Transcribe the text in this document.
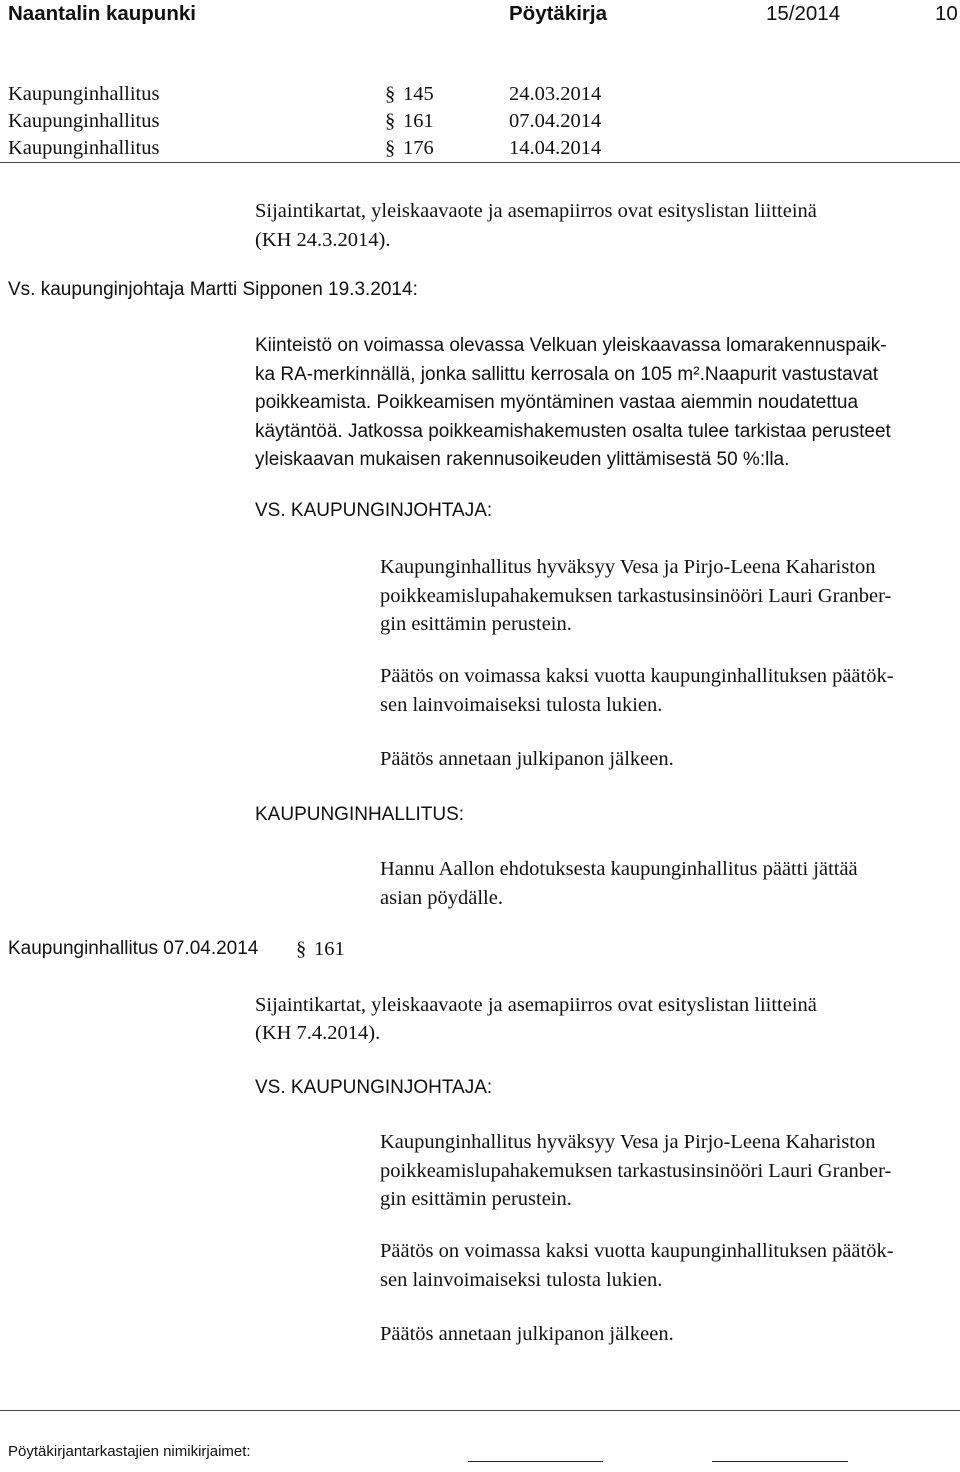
Naantalin kaupunki	Pöytäkirja	15/2014	10
Kaupunginhallitus	§ 145	24.03.2014
Kaupunginhallitus	§ 161	07.04.2014
Kaupunginhallitus	§ 176	14.04.2014
Sijaintikartat, yleiskaavaote ja asemapiirros ovat esityslistan liitteinä
(KH 24.3.2014).
Vs. kaupunginjohtaja Martti Sipponen 19.3.2014:
Kiinteistö on voimassa olevassa Velkuan yleiskaavassa lomarakennuspaik-
ka RA-merkinnällä, jonka sallittu kerrosala on 105 m².Naapurit vastustavat
poikkeamista. Poikkeamisen myöntäminen vastaa aiemmin noudatettua
käytäntöä. Jatkossa poikkeamishakemusten osalta tulee tarkistaa perusteet
yleiskaavan mukaisen rakennusoikeuden ylittämisestä 50 %:lla.
VS. KAUPUNGINJOHTAJA:
Kaupunginhallitus hyväksyy Vesa ja Pirjo-Leena Kahariston
poikkeamislupahakemuksen tarkastusinsinööri Lauri Granber-
gin esittämin perustein.
Päätös on voimassa kaksi vuotta kaupunginhallituksen päätök-
sen lainvoimaiseksi tulosta lukien.
Päätös annetaan julkipanon jälkeen.
KAUPUNGINHALLITUS:
Hannu Aallon ehdotuksesta kaupunginhallitus päätti jättää
asian pöydälle.
Kaupunginhallitus 07.04.2014 § 161
Sijaintikartat, yleiskaavaote ja asemapiirros ovat esityslistan liitteinä
(KH 7.4.2014).
VS. KAUPUNGINJOHTAJA:
Kaupunginhallitus hyväksyy Vesa ja Pirjo-Leena Kahariston
poikkeamislupahakemuksen tarkastusinsinööri Lauri Granber-
gin esittämin perustein.
Päätös on voimassa kaksi vuotta kaupunginhallituksen päätök-
sen lainvoimaiseksi tulosta lukien.
Päätös annetaan julkipanon jälkeen.
Pöytäkirjantarkastajien nimikirjaimet:
